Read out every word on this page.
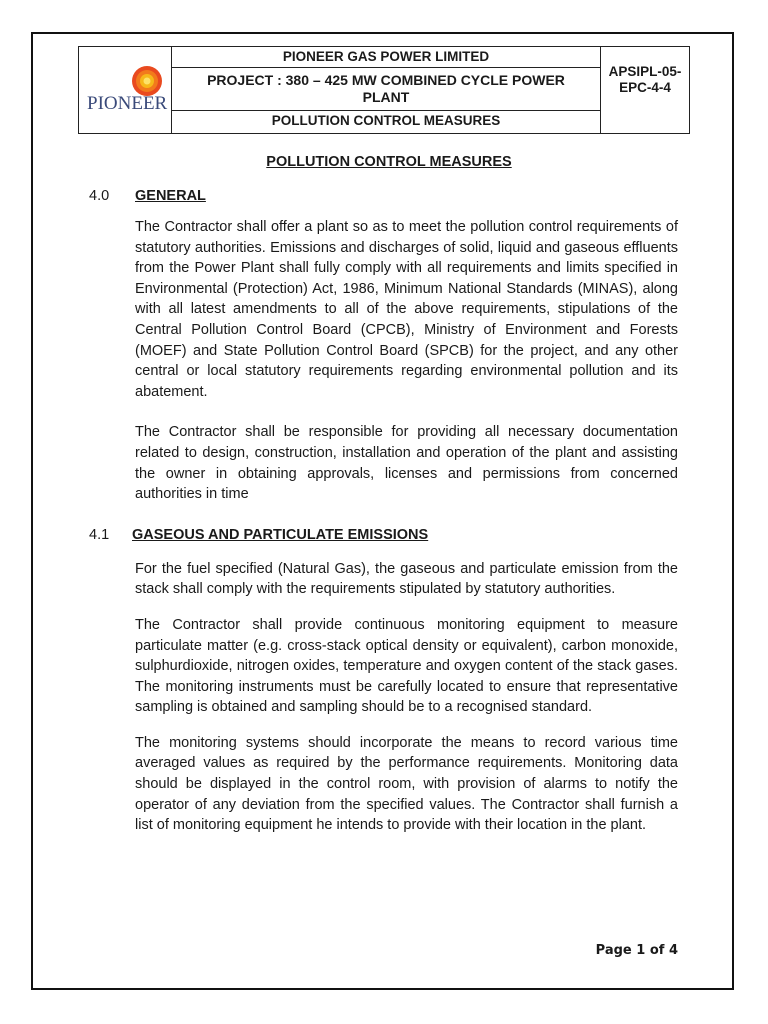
PIONEER

PIONEER GAS POWER LIMITED
PROJECT : 380 – 425 MW COMBINED CYCLE POWER PLANT
POLLUTION CONTROL MEASURES

APSIPL-05-
EPC-4-4
POLLUTION CONTROL MEASURES
4.0	GENERAL

The Contractor shall offer a plant so as to meet the pollution control requirements of statutory authorities. Emissions and discharges of solid, liquid and gaseous effluents from the Power Plant shall fully comply with all requirements and limits specified in Environmental (Protection) Act, 1986, Minimum National Standards (MINAS), along with all latest amendments to all of the above requirements, stipulations of the Central Pollution Control Board (CPCB), Ministry of Environment and Forests (MOEF) and State Pollution Control Board (SPCB) for the project, and any other central or local statutory requirements regarding environmental pollution and its abatement.

The Contractor shall be responsible for providing all necessary documentation related to design, construction, installation and operation of the plant and assisting the owner in obtaining approvals, licenses and permissions from concerned authorities in time

4.1	GASEOUS AND PARTICULATE EMISSIONS

For the fuel specified (Natural Gas), the gaseous and particulate emission from the stack shall comply with the requirements stipulated by statutory authorities.

The Contractor shall provide continuous monitoring equipment to measure particulate matter (e.g. cross-stack optical density or equivalent), carbon monoxide, sulphurdioxide, nitrogen oxides, temperature and oxygen content of the stack gases. The monitoring instruments must be carefully located to ensure that representative sampling is obtained and sampling should be to a recognised standard.

The monitoring systems should incorporate the means to record various time averaged values as required by the performance requirements. Monitoring data should be displayed in the control room, with provision of alarms to notify the operator of any deviation from the specified values. The Contractor shall furnish a list of monitoring equipment he intends to provide with their location in the plant.

Page 1 of 4
